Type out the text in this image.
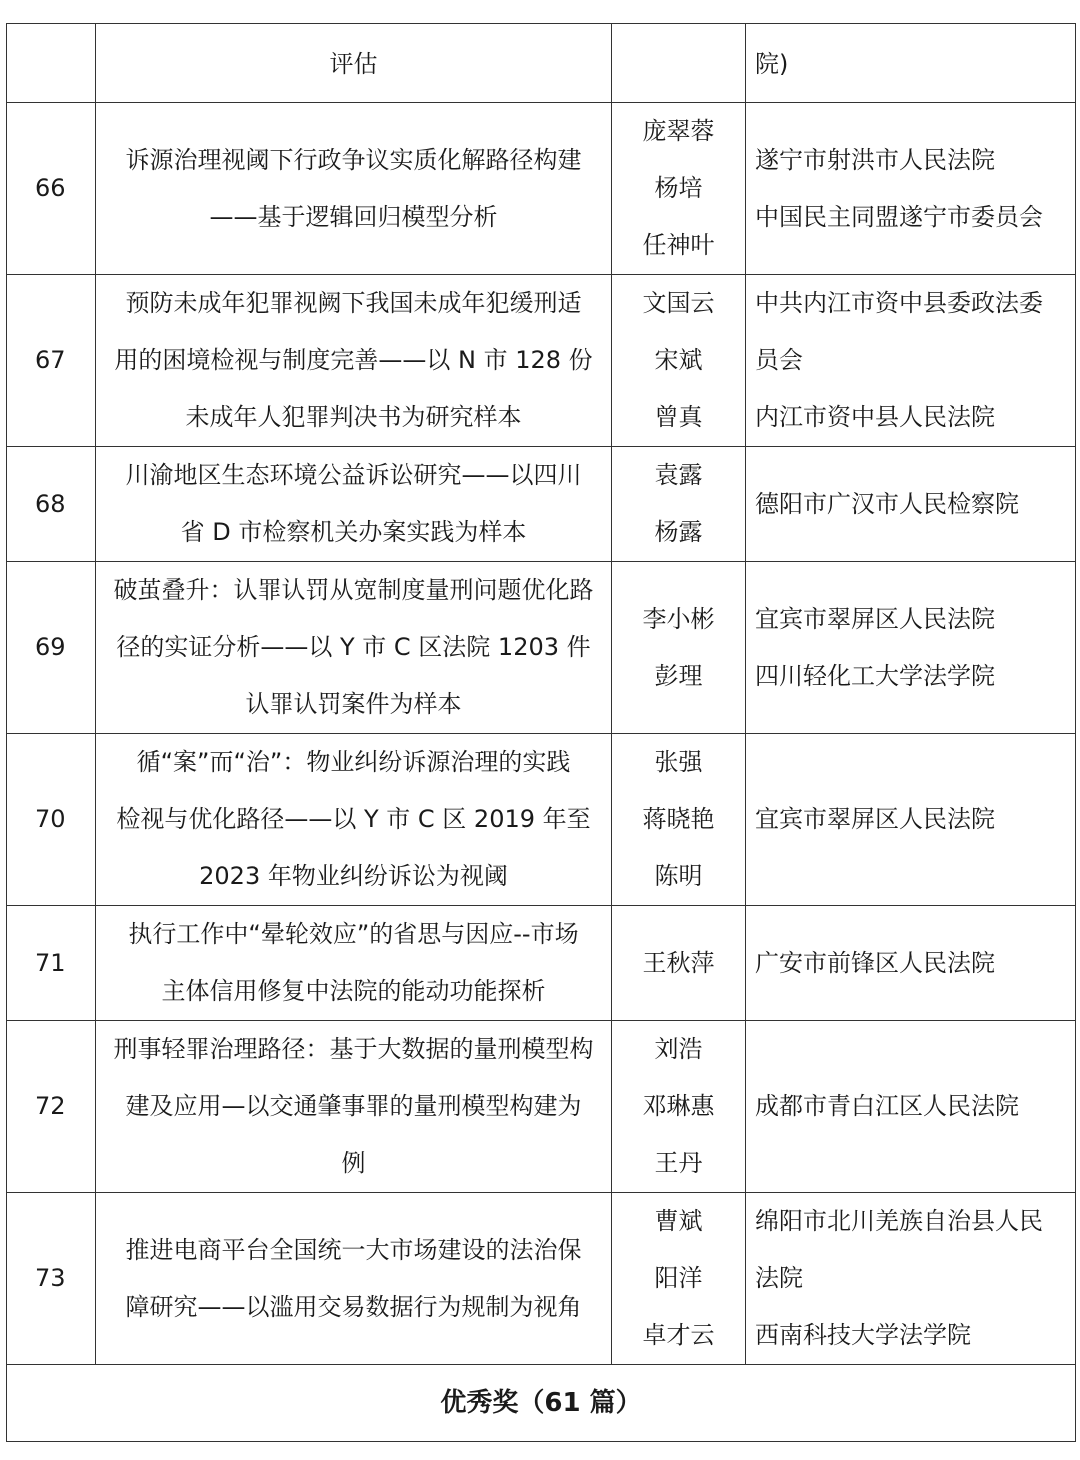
	评估		院)
66	诉源治理视阈下行政争议实质化解路径构建
——基于逻辑回归模型分析	庞翠蓉
杨培
任神叶	遂宁市射洪市人民法院
中国民主同盟遂宁市委员会

67	预防未成年犯罪视阙下我国未成年犯缓刑适
用的困境检视与制度完善——以 N 市 128 份
未成年人犯罪判决书为研究样本	文国云
宋斌
曾真	中共内江市资中县委政法委
员会
内江市资中县人民法院

68	川渝地区生态环境公益诉讼研究——以四川
省 D 市检察机关办案实践为样本	袁露
杨露	德阳市广汉市人民检察院

69	破茧叠升：认罪认罚从宽制度量刑问题优化路
径的实证分析——以 Y 市 C 区法院 1203 件
认罪认罚案件为样本	李小彬
彭理	宜宾市翠屏区人民法院
四川轻化工大学法学院

70	循“案”而“治”：物业纠纷诉源治理的实践
检视与优化路径——以 Y 市 C 区 2019 年至
2023 年物业纠纷诉讼为视阈	张强
蒋晓艳
陈明	宜宾市翠屏区人民法院

71	执行工作中“晕轮效应”的省思与因应--市场
主体信用修复中法院的能动功能探析	王秋萍	广安市前锋区人民法院

72	刑事轻罪治理路径：基于大数据的量刑模型构
建及应用—以交通肇事罪的量刑模型构建为
例	刘浩
邓琳惠
王丹	成都市青白江区人民法院

73	推进电商平台全国统一大市场建设的法治保
障研究——以滥用交易数据行为规制为视角	曹斌
阳洋
卓才云	绵阳市北川羌族自治县人民
法院
西南科技大学法学院

优秀奖（61 篇）			
